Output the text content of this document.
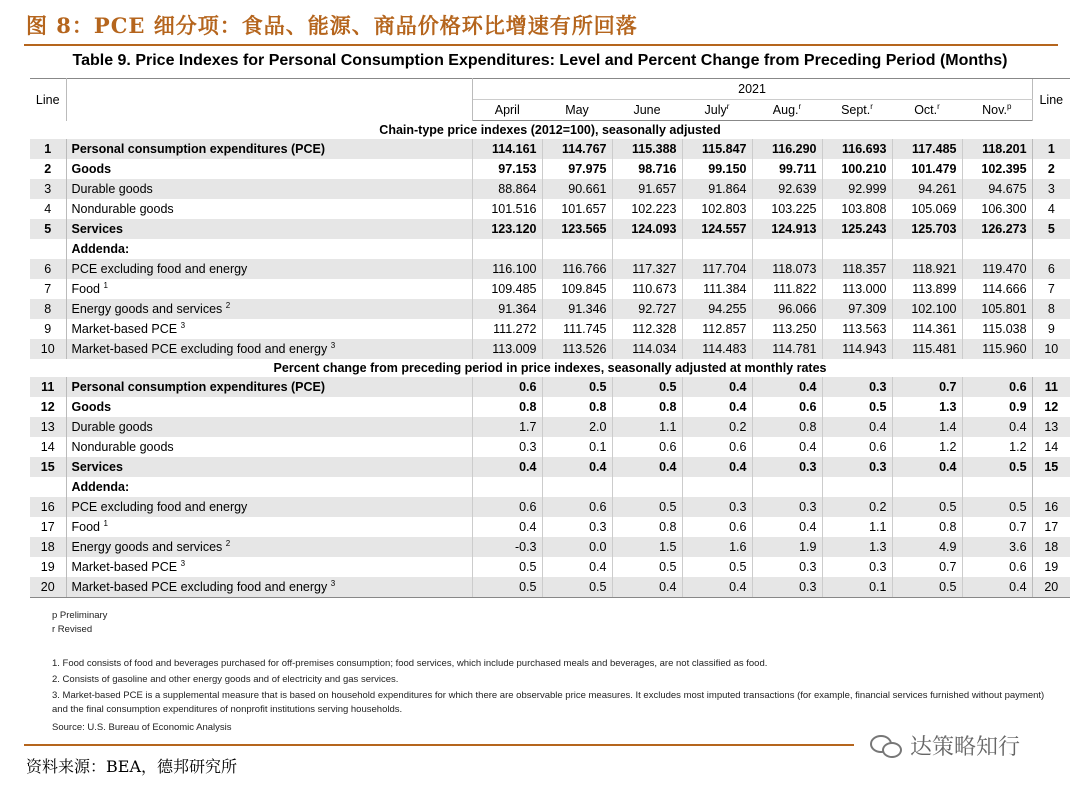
图 8：PCE 细分项：食品、能源、商品价格环比增速有所回落
Table 9. Price Indexes for Personal Consumption Expenditures: Level and Percent Change from Preceding Period (Months)
Line		2021								Line
		April	May	June	July$^r$	Aug.$^r$	Sept.$^r$	Oct.$^r$	Nov.$^p$
Chain-type price indexes (2012=100), seasonally adjusted										
1	Personal consumption expenditures (PCE)	114.161	114.767	115.388	115.847	116.290	116.693	117.485	118.201	1
2	Goods	97.153	97.975	98.716	99.150	99.711	100.210	101.479	102.395	2
3	Durable goods	88.864	90.661	91.657	91.864	92.639	92.999	94.261	94.675	3
4	Nondurable goods	101.516	101.657	102.223	102.803	103.225	103.808	105.069	106.300	4
5	Services	123.120	123.565	124.093	124.557	124.913	125.243	125.703	126.273	5
	Addenda:									
6	PCE excluding food and energy	116.100	116.766	117.327	117.704	118.073	118.357	118.921	119.470	6
7	Food $^1$	109.485	109.845	110.673	111.384	111.822	113.000	113.899	114.666	7
8	Energy goods and services $^2$	91.364	91.346	92.727	94.255	96.066	97.309	102.100	105.801	8
9	Market-based PCE $^3$	111.272	111.745	112.328	112.857	113.250	113.563	114.361	115.038	9
10	Market-based PCE excluding food and energy $^3$	113.009	113.526	114.034	114.483	114.781	114.943	115.481	115.960	10
Percent change from preceding period in price indexes, seasonally adjusted at monthly rates										
11	Personal consumption expenditures (PCE)	0.6	0.5	0.5	0.4	0.4	0.3	0.7	0.6	11
12	Goods	0.8	0.8	0.8	0.4	0.6	0.5	1.3	0.9	12
13	Durable goods	1.7	2.0	1.1	0.2	0.8	0.4	1.4	0.4	13
14	Nondurable goods	0.3	0.1	0.6	0.6	0.4	0.6	1.2	1.2	14
15	Services	0.4	0.4	0.4	0.4	0.3	0.3	0.4	0.5	15
	Addenda:									
16	PCE excluding food and energy	0.6	0.6	0.5	0.3	0.3	0.2	0.5	0.5	16
17	Food $^1$	0.4	0.3	0.8	0.6	0.4	1.1	0.8	0.7	17
18	Energy goods and services $^2$	-0.3	0.0	1.5	1.6	1.9	1.3	4.9	3.6	18
19	Market-based PCE $^3$	0.5	0.4	0.5	0.5	0.3	0.3	0.7	0.6	19
20	Market-based PCE excluding food and energy $^3$	0.5	0.5	0.4	0.4	0.3	0.1	0.5	0.4	20
p Preliminary
r Revised
1. Food consists of food and beverages purchased for off-premises consumption; food services, which include purchased meals and beverages, are not classified as food.
2. Consists of gasoline and other energy goods and of electricity and gas services.
3. Market-based PCE is a supplemental measure that is based on household expenditures for which there are observable price measures. It excludes most imputed transactions (for example, financial services furnished without payment) and the final consumption expenditures of nonprofit institutions serving households.
Source: U.S. Bureau of Economic Analysis
资料来源：BEA，德邦研究所
达策略知行
